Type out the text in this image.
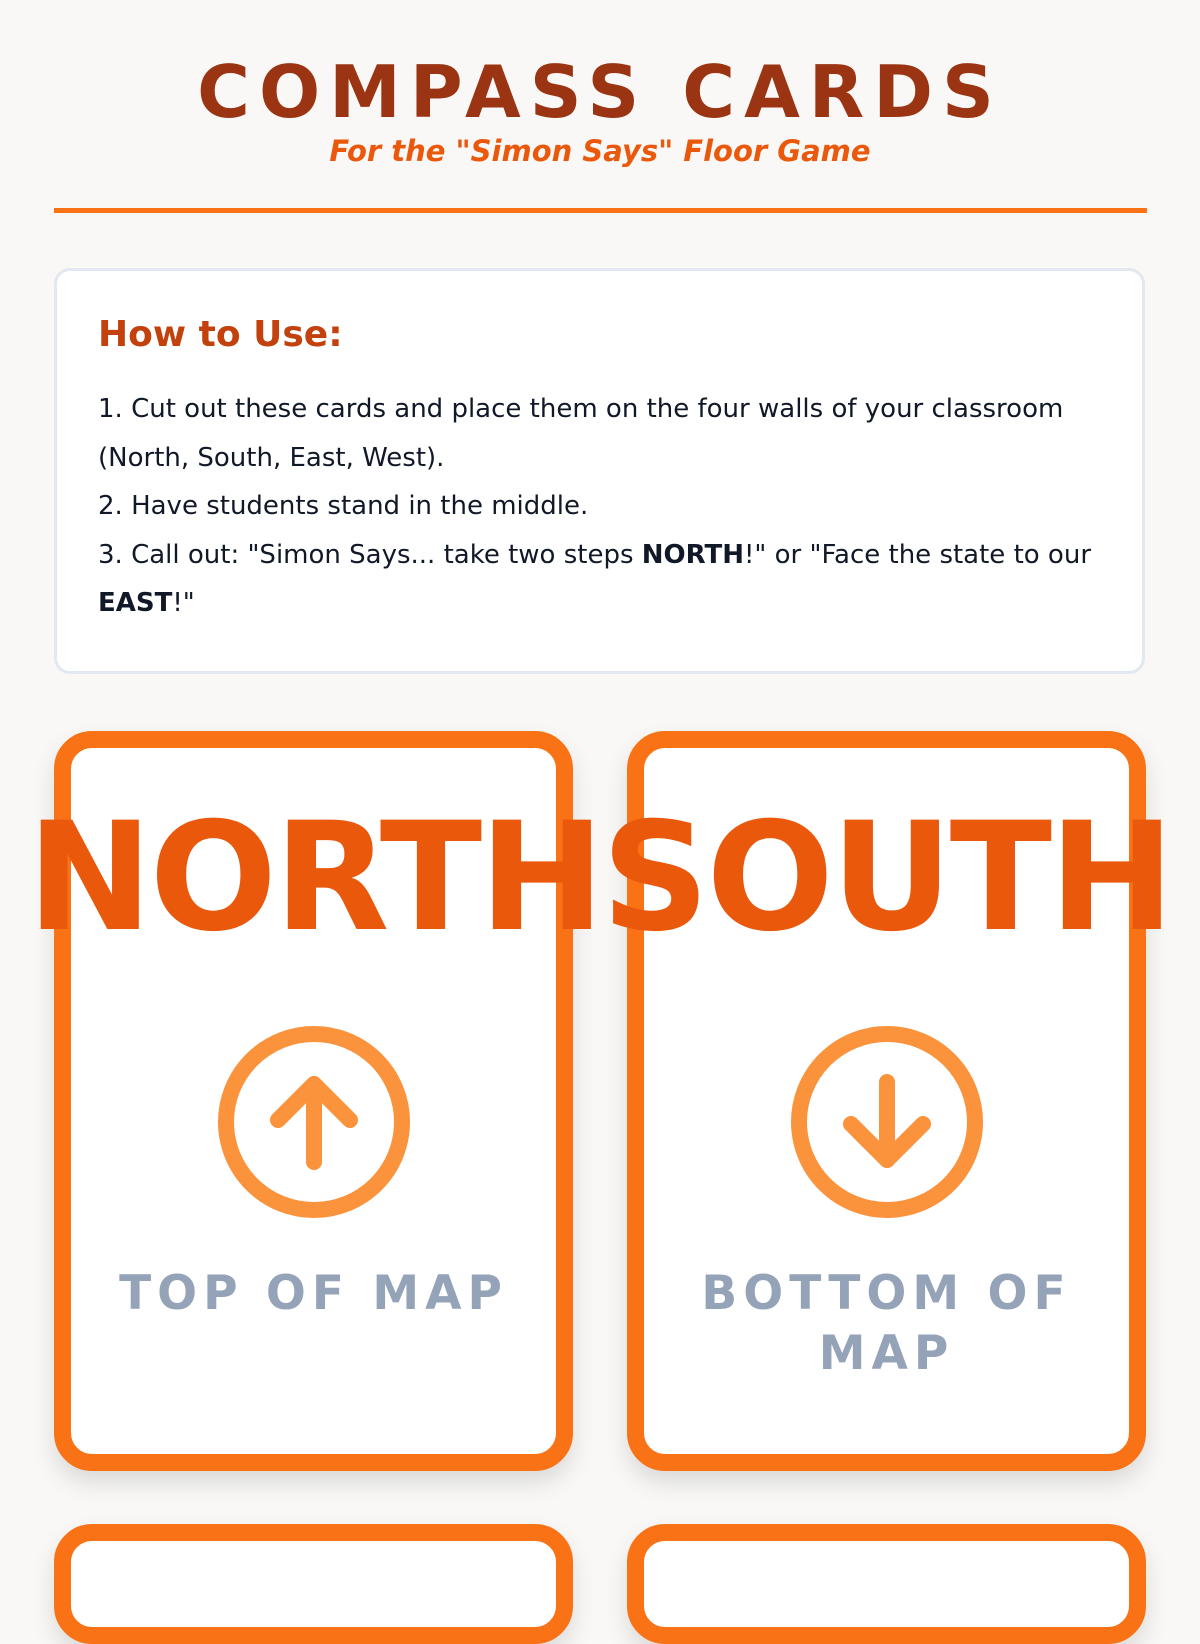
COMPASS CARDS
For the "Simon Says" Floor Game
How to Use:
1. Cut out these cards and place them on the four walls of your classroom (North, South, East, West).
2. Have students stand in the middle.
3. Call out: "Simon Says... take two steps NORTH!" or "Face the state to our EAST!"
NORTHSOUTH
TOP OF MAP	BOTTOM OF MAP
